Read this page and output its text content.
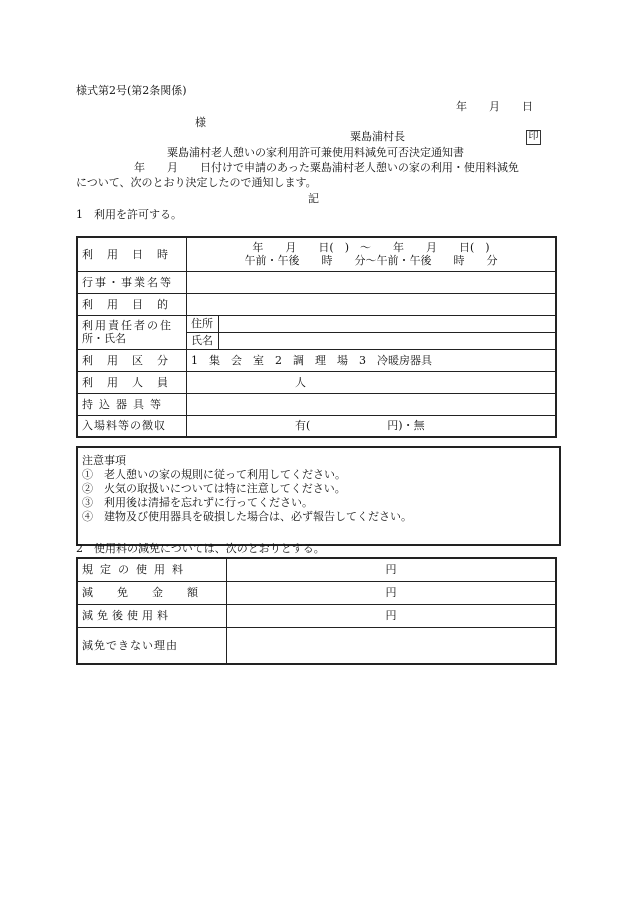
様式第2号(第2条関係)
年　　月　　日
様
粟島浦村長	印
粟島浦村老人憩いの家利用許可兼使用料減免可否決定通知書
年　　月　　日付けで申請のあった粟島浦村老人憩いの家の利用・使用料減免
について、次のとおり決定したので通知します。
記
1　利用を許可する。
利用日時	年　　月　　日(　)　～　　年　　月　　日(　)
午前・午後　　時　　分～午前・午後　　時　　分	

行事・事業名等		
利用目的		

利用責任者の住
所・氏名	住所	
	氏名	
利用区分	1　集　会　室　2　調　理　場　3　冷暖房器具	
利用人員	人	
持込器具等		
入場料等の徴収	有(　　　　　　　円)・無	
注意事項
①　老人憩いの家の規則に従って利用してください。
②　火気の取扱いについては特に注意してください。
③　利用後は清掃を忘れずに行ってください。
④　建物及び使用器具を破損した場合は、必ず報告してください。
2　使用料の減免については、次のとおりとする。
規定の使用料	円
減免金額	円
減免後使用料	円
減免できない理由	
